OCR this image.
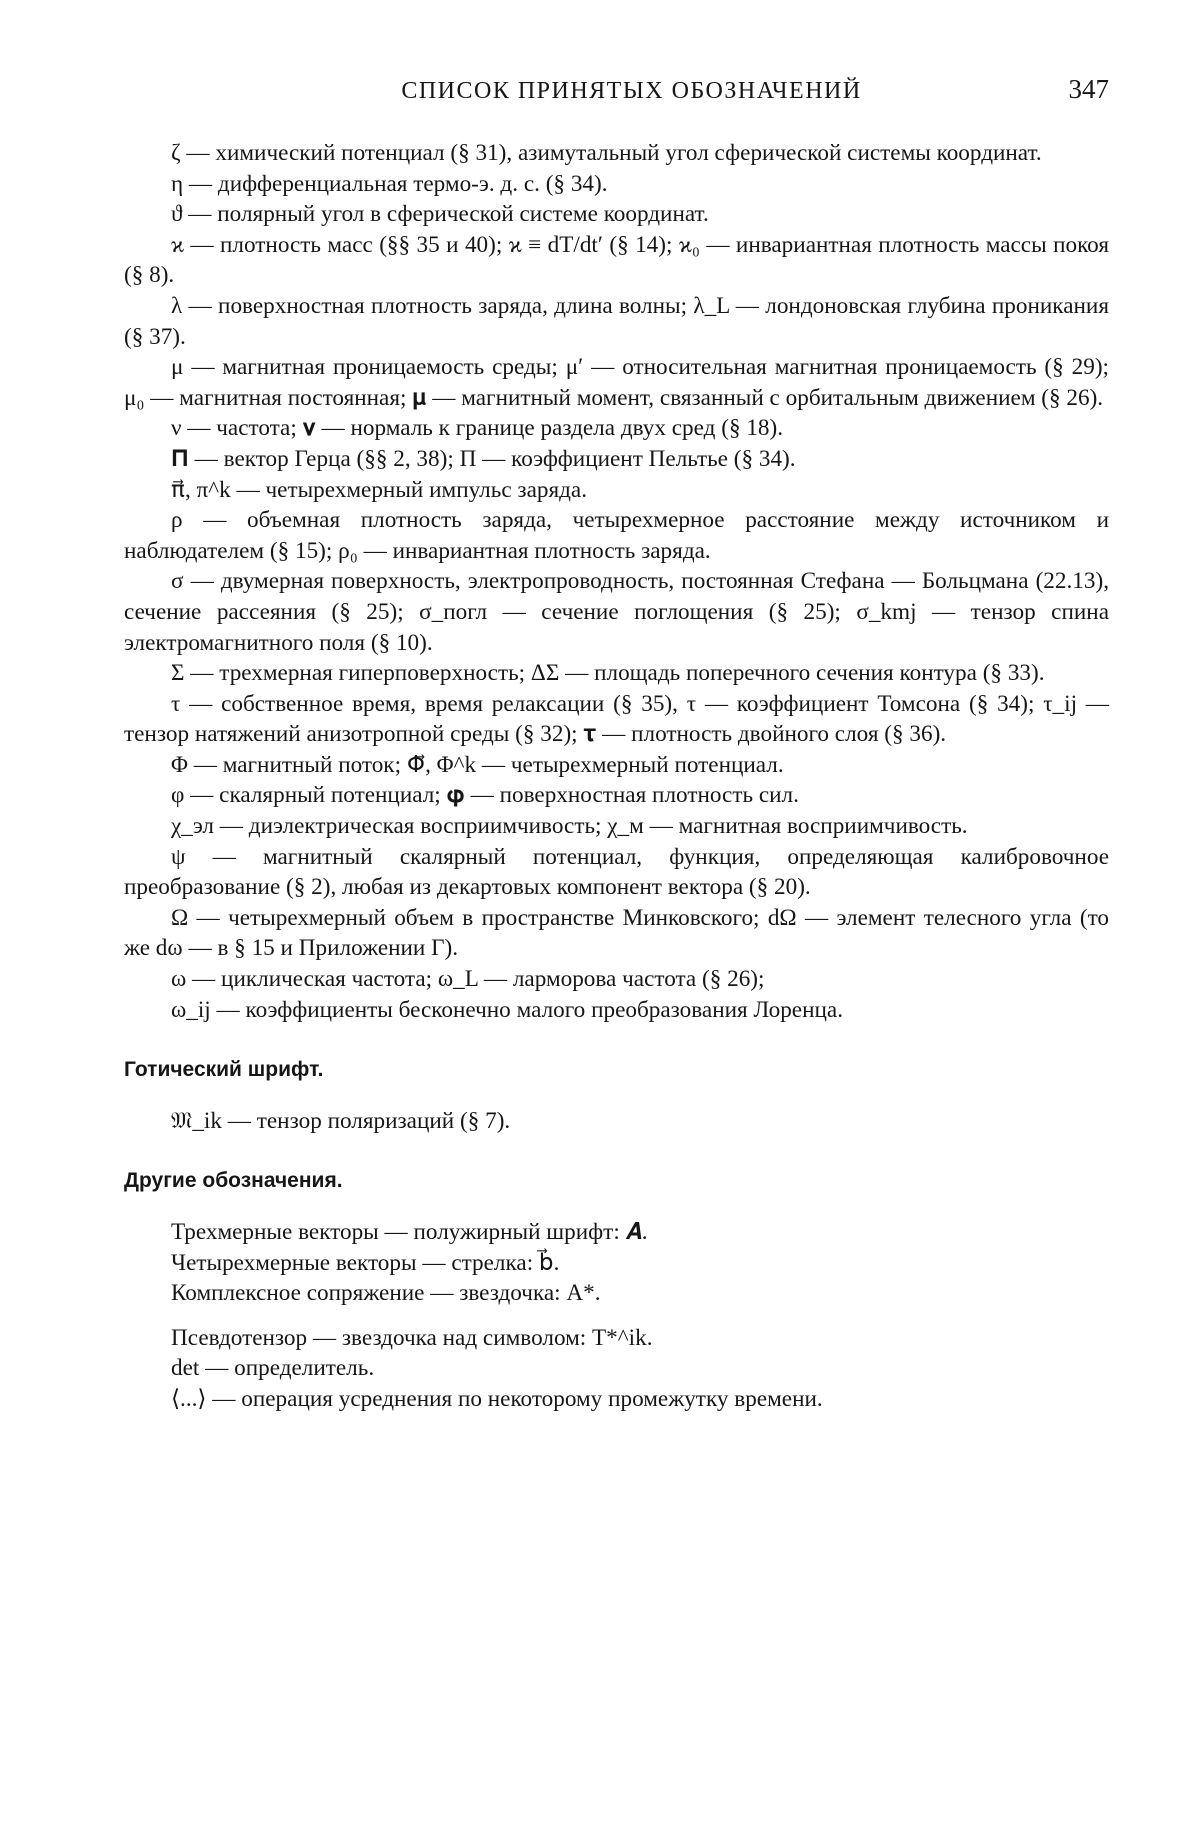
СПИСОК ПРИНЯТЫХ ОБОЗНАЧЕНИЙ	347

ζ — химический потенциал (§ 31), азимутальный угол сферической системы координат.

η — дифференциальная термо-э. д. с. (§ 34).

ϑ — полярный угол в сферической системе координат.

ϰ — плотность масс (§§ 35 и 40); ϰ ≡ dT/dt′ (§ 14); ϰ₀ — инвариантная плотность массы покоя (§ 8).

λ — поверхностная плотность заряда, длина волны; λ_L — лондоновская глубина проникания (§ 37).

μ — магнитная проницаемость среды; μ′ — относительная магнитная проницаемость (§ 29); μ₀ — магнитная постоянная; 𝛍 — магнитный момент, связанный с орбитальным движением (§ 26).

ν — частота; 𝛎 — нормаль к границе раздела двух сред (§ 18).

𝚷 — вектор Герца (§§ 2, 38); Π — коэффициент Пельтье (§ 34).

π⃗, π^k — четырехмерный импульс заряда.

ρ — объемная плотность заряда, четырехмерное расстояние между источником и наблюдателем (§ 15); ρ₀ — инвариантная плотность заряда.

σ — двумерная поверхность, электропроводность, постоянная Стефана — Больцмана (22.13), сечение рассеяния (§ 25); σ_погл — сечение поглощения (§ 25); σ_kmj — тензор спина электромагнитного поля (§ 10).

Σ — трехмерная гиперповерхность; ΔΣ — площадь поперечного сечения контура (§ 33).

τ — собственное время, время релаксации (§ 35), τ — коэффициент Томсона (§ 34); τ_ij — тензор натяжений анизотропной среды (§ 32); 𝛕 — плотность двойного слоя (§ 36).

Φ — магнитный поток; Φ⃗, Φ^k — четырехмерный потенциал.

φ — скалярный потенциал; 𝛗 — поверхностная плотность сил.

χ_эл — диэлектрическая восприимчивость; χ_м — магнитная восприимчивость.

ψ — магнитный скалярный потенциал, функция, определяющая калибровочное преобразование (§ 2), любая из декартовых компонент вектора (§ 20).

Ω — четырехмерный объем в пространстве Минковского; dΩ — элемент телесного угла (то же dω — в § 15 и Приложении Г).

ω — циклическая частота; ω_L — ларморова частота (§ 26);

ω_ij — коэффициенты бесконечно малого преобразования Лоренца.

Готический шрифт.

𝔐_ik — тензор поляризаций (§ 7).

Другие обозначения.

Трехмерные векторы — полужирный шрифт: 𝑨.

Четырехмерные векторы — стрелка: b⃗.

Комплексное сопряжение — звездочка: A*.

Псевдотензор — звездочка над символом: T*^ik.

det — определитель.

⟨...⟩ — операция усреднения по некоторому промежутку времени.
